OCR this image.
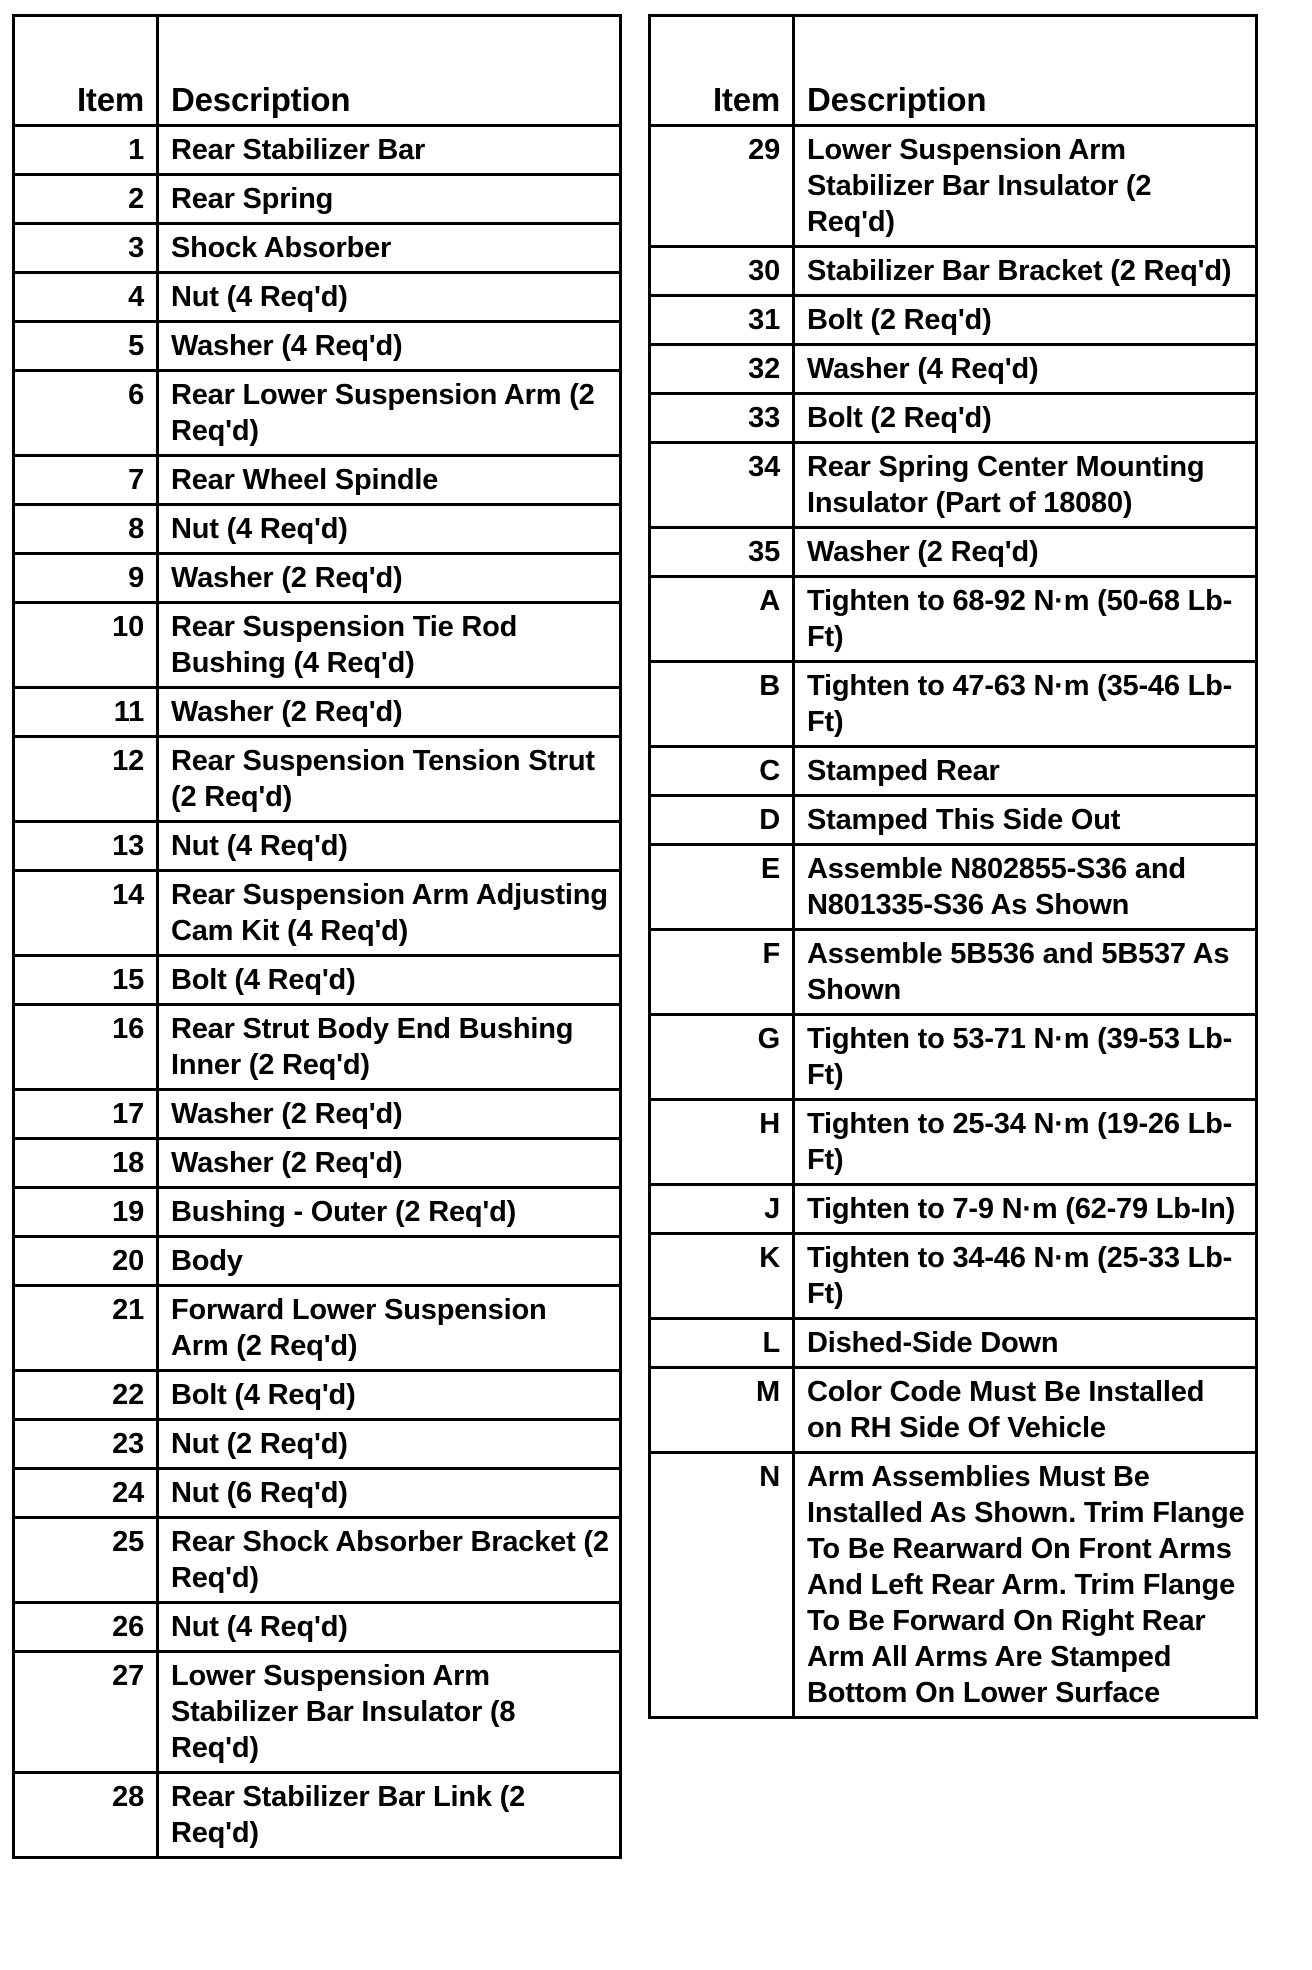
Item	Description
1	Rear Stabilizer Bar
2	Rear Spring
3	Shock Absorber
4	Nut (4 Req'd)
5	Washer (4 Req'd)
6	Rear Lower Suspension Arm (2 Req'd)
7	Rear Wheel Spindle
8	Nut (4 Req'd)
9	Washer (2 Req'd)
10	Rear Suspension Tie Rod Bushing (4 Req'd)
11	Washer (2 Req'd)
12	Rear Suspension Tension Strut (2 Req'd)
13	Nut (4 Req'd)
14	Rear Suspension Arm Adjusting Cam Kit (4 Req'd)
15	Bolt (4 Req'd)
16	Rear Strut Body End Bushing Inner (2 Req'd)
17	Washer (2 Req'd)
18	Washer (2 Req'd)
19	Bushing - Outer (2 Req'd)
20	Body
21	Forward Lower Suspension Arm (2 Req'd)
22	Bolt (4 Req'd)
23	Nut (2 Req'd)
24	Nut (6 Req'd)
25	Rear Shock Absorber Bracket (2 Req'd)
26	Nut (4 Req'd)
27	Lower Suspension Arm Stabilizer Bar Insulator (8 Req'd)
28	Rear Stabilizer Bar Link (2 Req'd)
Item	Description
29	Lower Suspension Arm Stabilizer Bar Insulator (2 Req'd)
30	Stabilizer Bar Bracket (2 Req'd)
31	Bolt (2 Req'd)
32	Washer (4 Req'd)
33	Bolt (2 Req'd)
34	Rear Spring Center Mounting Insulator (Part of 18080)
35	Washer (2 Req'd)
A	Tighten to 68-92 N·m (50-68 Lb-Ft)
B	Tighten to 47-63 N·m (35-46 Lb-Ft)
C	Stamped Rear
D	Stamped This Side Out
E	Assemble N802855-S36 and N801335-S36 As Shown
F	Assemble 5B536 and 5B537 As Shown
G	Tighten to 53-71 N·m (39-53 Lb-Ft)
H	Tighten to 25-34 N·m (19-26 Lb-Ft)
J	Tighten to 7-9 N·m (62-79 Lb-In)
K	Tighten to 34-46 N·m (25-33 Lb-Ft)
L	Dished-Side Down
M	Color Code Must Be Installed on RH Side Of Vehicle
N	Arm Assemblies Must Be Installed As Shown. Trim Flange To Be Rearward On Front Arms And Left Rear Arm. Trim Flange To Be Forward On Right Rear Arm All Arms Are Stamped Bottom On Lower Surface
